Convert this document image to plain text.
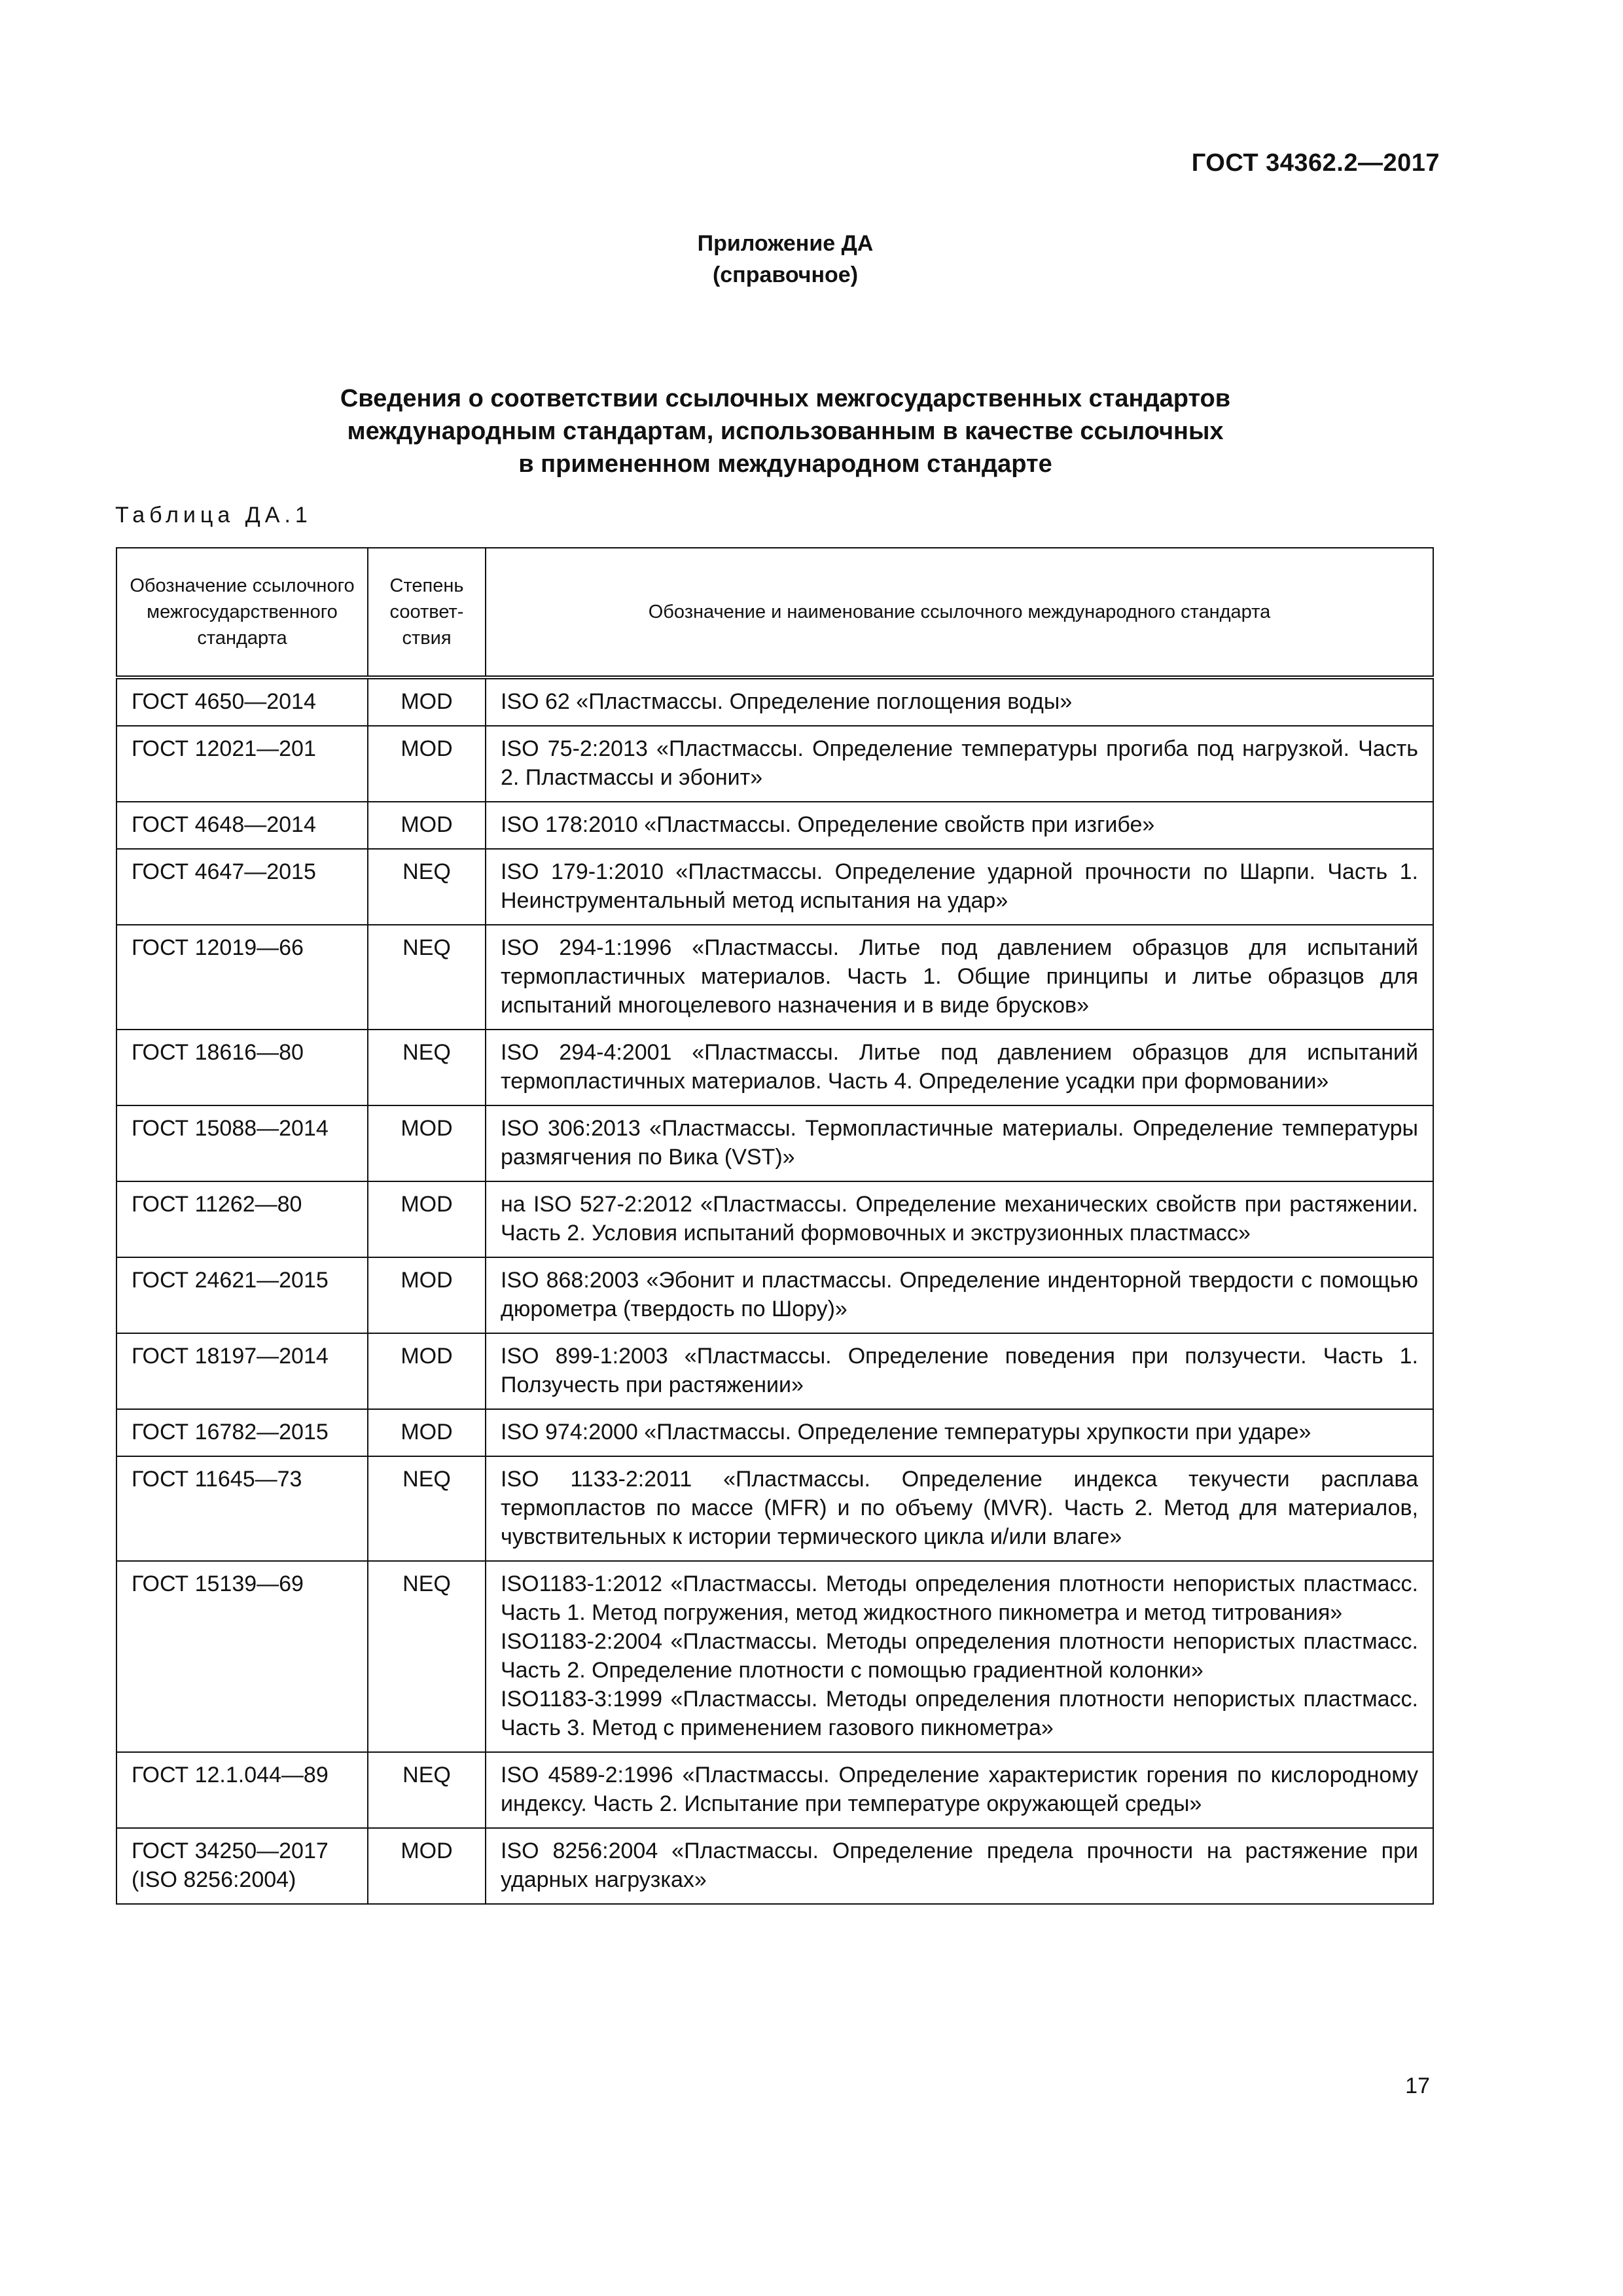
ГОСТ 34362.2—2017
Приложение ДА
(справочное)
Сведения о соответствии ссылочных межгосударственных стандартов
международным стандартам, использованным в качестве ссылочных
в примененном международном стандарте
Таблица ДА.1
Обозначение ссылочного межгосударственного стандарта	Степень соответствия	Обозначение и наименование ссылочного международного стандарта
ГОСТ 4650—2014	MOD	ISO 62 «Пластмассы. Определение поглощения воды»

ГОСТ 12021—201	MOD	ISO 75-2:2013 «Пластмассы. Определение температуры прогиба под нагрузкой. Часть 2. Пластмассы и эбонит»

ГОСТ 4648—2014	MOD	ISO 178:2010 «Пластмассы. Определение свойств при изгибе»

ГОСТ 4647—2015	NEQ	ISO 179-1:2010 «Пластмассы. Определение ударной прочности по Шарпи. Часть 1. Неинструментальный метод испытания на удар»

ГОСТ 12019—66	NEQ	ISO 294-1:1996 «Пластмассы. Литье под давлением образцов для испытаний термопластичных материалов. Часть 1. Общие принципы и литье образцов для испытаний многоцелевого назначения и в виде брусков»

ГОСТ 18616—80	NEQ	ISO 294-4:2001 «Пластмассы. Литье под давлением образцов для испытаний термопластичных материалов. Часть 4. Определение усадки при формовании»

ГОСТ 15088—2014	MOD	ISO 306:2013 «Пластмассы. Термопластичные материалы. Определение температуры размягчения по Вика (VST)»

ГОСТ 11262—80	MOD	на ISO 527-2:2012 «Пластмассы. Определение механических свойств при растяжении. Часть 2. Условия испытаний формовочных и экструзионных пластмасс»

ГОСТ 24621—2015	MOD	ISO 868:2003 «Эбонит и пластмассы. Определение инденторной твердости с помощью дюрометра (твердость по Шору)»

ГОСТ 18197—2014	MOD	ISO 899-1:2003 «Пластмассы. Определение поведения при ползучести. Часть 1. Ползучесть при растяжении»

ГОСТ 16782—2015	MOD	ISO 974:2000 «Пластмассы. Определение температуры хрупкости при ударе»

ГОСТ 11645—73	NEQ	ISO 1133-2:2011 «Пластмассы. Определение индекса текучести расплава термопластов по массе (MFR) и по объему (MVR). Часть 2. Метод для материалов, чувствительных к истории термического цикла и/или влаге»

ГОСТ 15139—69	NEQ	ISO1183-1:2012 «Пластмассы. Методы определения плотности непористых пластмасс. Часть 1. Метод погружения, метод жидкостного пикнометра и метод титрования»
ISO1183-2:2004 «Пластмассы. Методы определения плотности непористых пластмасс. Часть 2. Определение плотности с помощью градиентной колонки»
ISO1183-3:1999 «Пластмассы. Методы определения плотности непористых пластмасс. Часть 3. Метод с применением газового пикнометра»

ГОСТ 12.1.044—89	NEQ	ISO 4589-2:1996 «Пластмассы. Определение характеристик горения по кислородному индексу. Часть 2. Испытание при температуре окружающей среды»

ГОСТ 34250—2017 (ISO 8256:2004)	MOD	ISO 8256:2004 «Пластмассы. Определение предела прочности на растяжение при ударных нагрузках»
17
